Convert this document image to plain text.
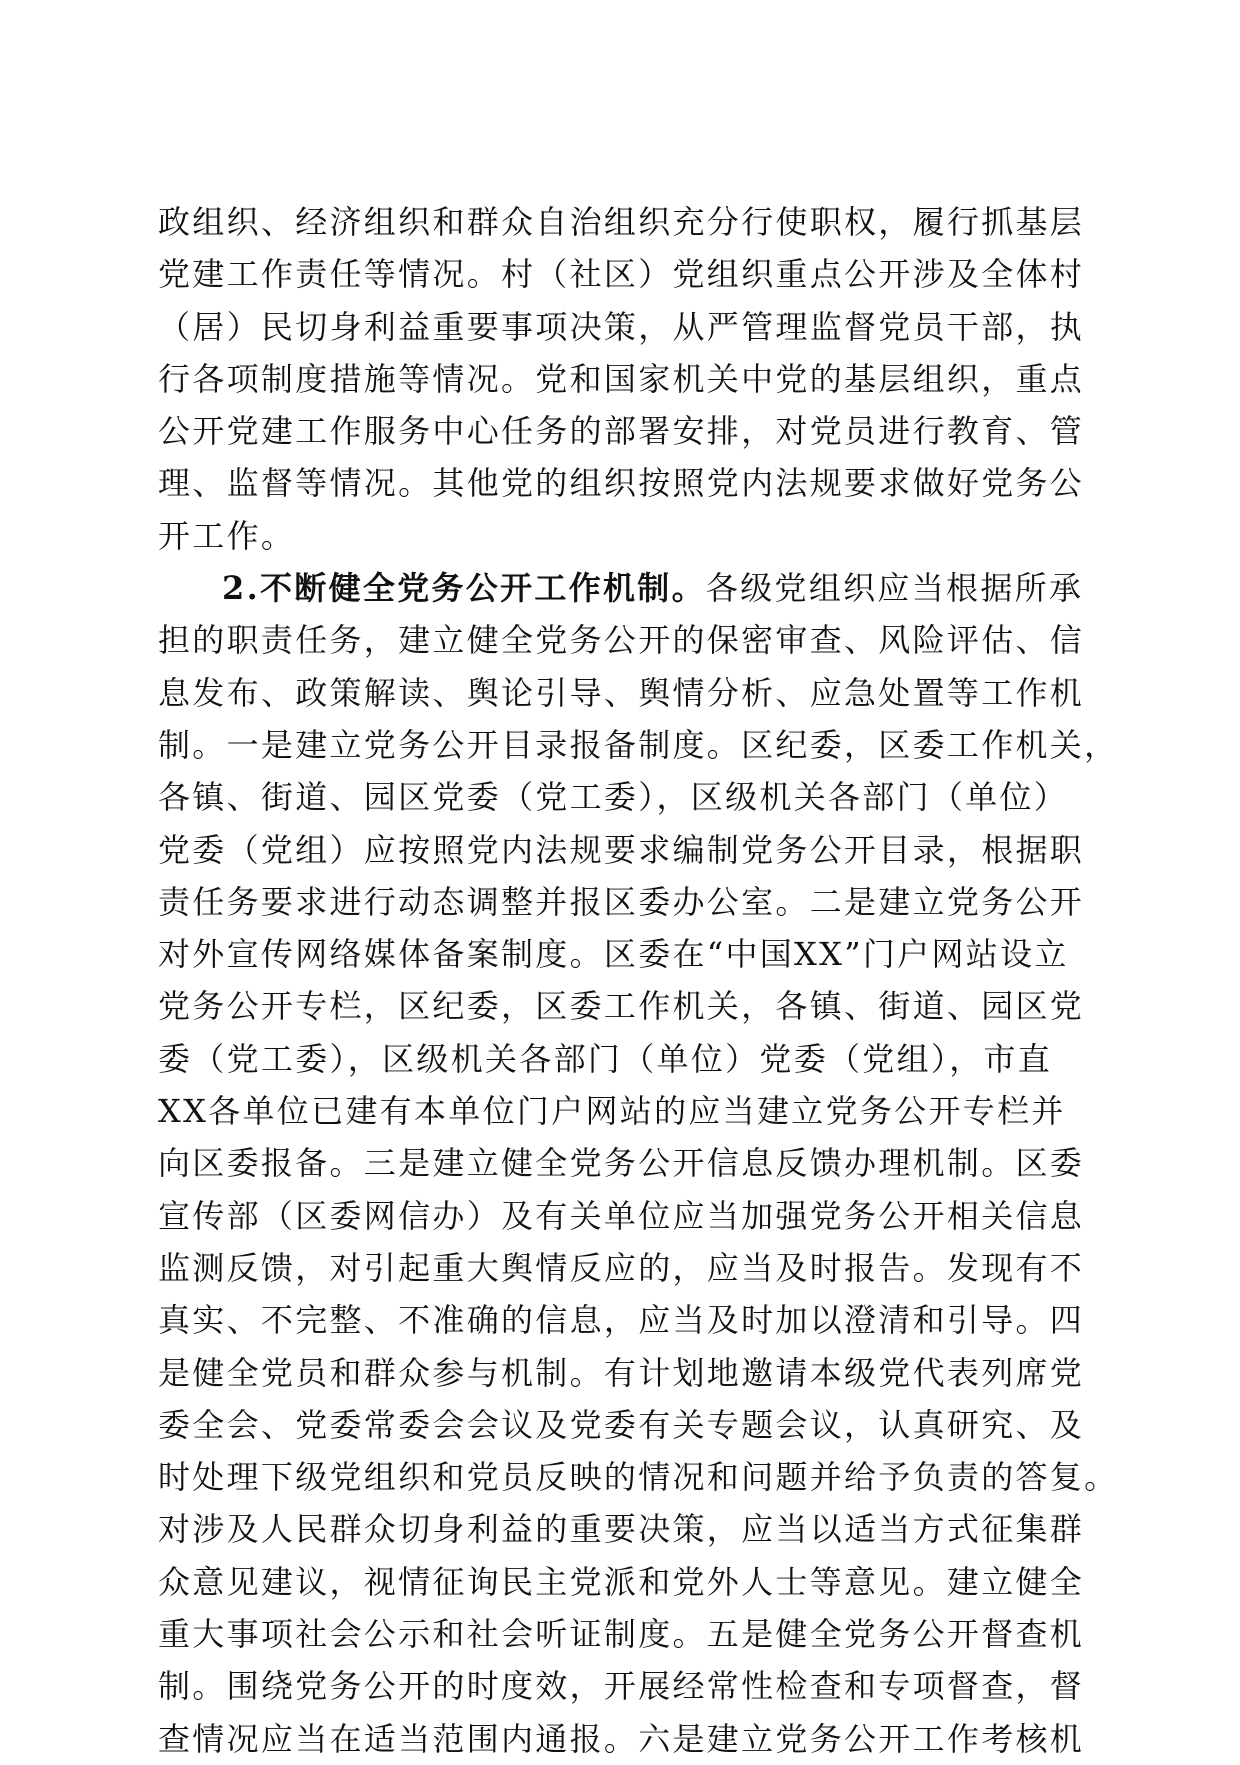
政组织、经济组织和群众自治组织充分行使职权，履行抓基层
党建工作责任等情况。村（社区）党组织重点公开涉及全体村
（居）民切身利益重要事项决策，从严管理监督党员干部，执
行各项制度措施等情况。党和国家机关中党的基层组织，重点
公开党建工作服务中心任务的部署安排，对党员进行教育、管
理、监督等情况。其他党的组织按照党内法规要求做好党务公
开工作。
2.不断健全党务公开工作机制。各级党组织应当根据所承
担的职责任务，建立健全党务公开的保密审查、风险评估、信
息发布、政策解读、舆论引导、舆情分析、应急处置等工作机
制。一是建立党务公开目录报备制度。区纪委，区委工作机关，
各镇、街道、园区党委（党工委），区级机关各部门（单位）
党委（党组）应按照党内法规要求编制党务公开目录，根据职
责任务要求进行动态调整并报区委办公室。二是建立党务公开
对外宣传网络媒体备案制度。区委在“中国XX”门户网站设立
党务公开专栏，区纪委，区委工作机关，各镇、街道、园区党
委（党工委），区级机关各部门（单位）党委（党组），市直
XX各单位已建有本单位门户网站的应当建立党务公开专栏并
向区委报备。三是建立健全党务公开信息反馈办理机制。区委
宣传部（区委网信办）及有关单位应当加强党务公开相关信息
监测反馈，对引起重大舆情反应的，应当及时报告。发现有不
真实、不完整、不准确的信息，应当及时加以澄清和引导。四
是健全党员和群众参与机制。有计划地邀请本级党代表列席党
委全会、党委常委会会议及党委有关专题会议，认真研究、及
时处理下级党组织和党员反映的情况和问题并给予负责的答复。
对涉及人民群众切身利益的重要决策，应当以适当方式征集群
众意见建议，视情征询民主党派和党外人士等意见。建立健全
重大事项社会公示和社会听证制度。五是健全党务公开督查机
制。围绕党务公开的时度效，开展经常性检查和专项督查，督
查情况应当在适当范围内通报。六是建立党务公开工作考核机
